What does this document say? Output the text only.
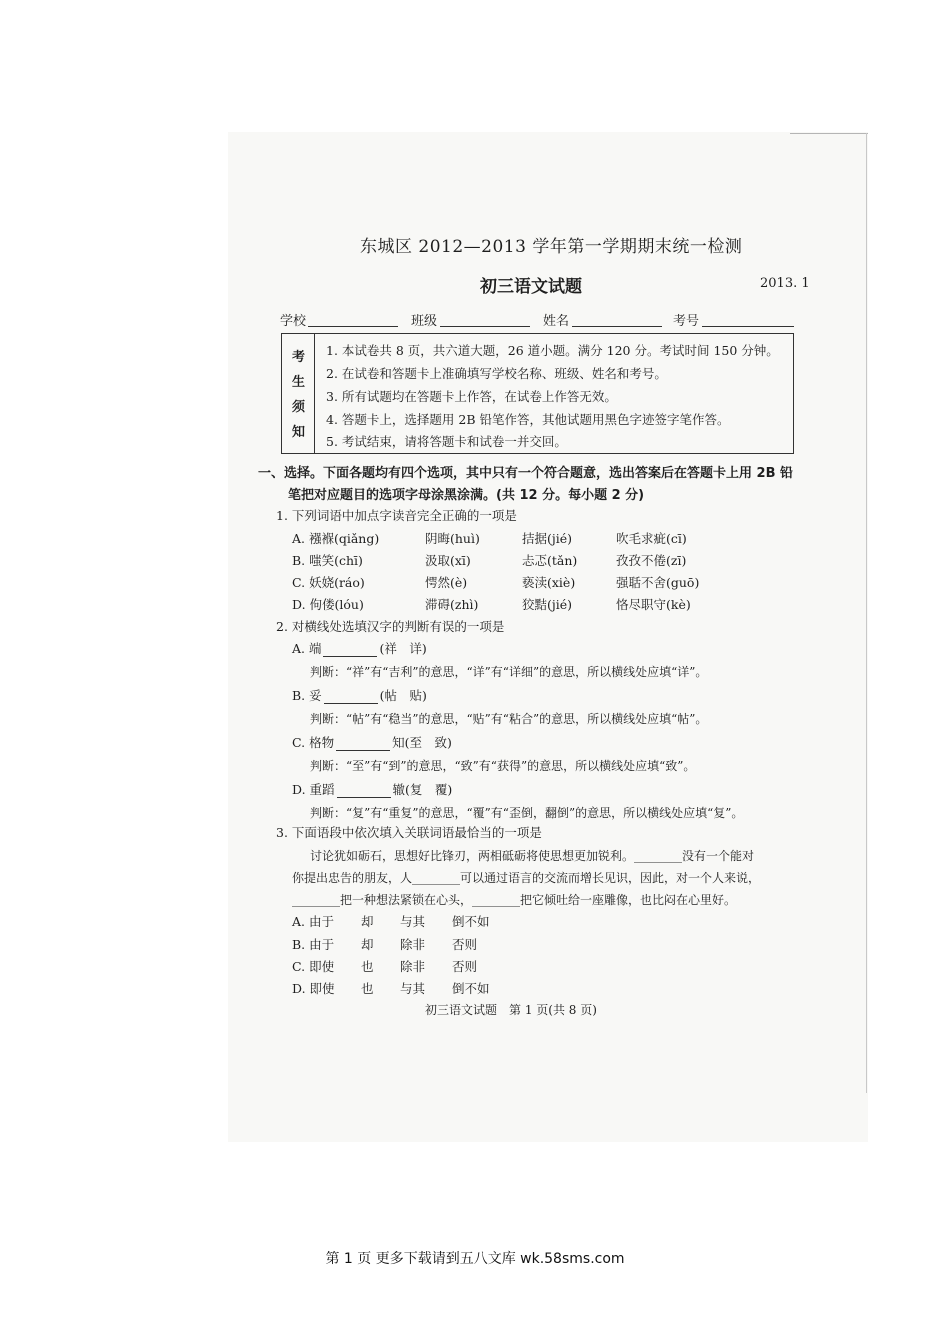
东城区 2012—2013 学年第一学期期末统一检测
初三语文试题	2013. 1
学校	班级	姓名	考号
考
生
须
知
1. 本试卷共 8 页，共六道大题，26 道小题。满分 120 分。考试时间 150 分钟。
2. 在试卷和答题卡上准确填写学校名称、班级、姓名和考号。
3. 所有试题均在答题卡上作答，在试卷上作答无效。
4. 答题卡上，选择题用 2B 铅笔作答，其他试题用黑色字迹签字笔作答。
5. 考试结束，请将答题卡和试卷一并交回。
一、选择。下面各题均有四个选项，其中只有一个符合题意，选出答案后在答题卡上用 2B 铅
笔把对应题目的选项字母涂黑涂满。(共 12 分。每小题 2 分)
1. 下列词语中加点字读音完全正确的一项是
A. 襁褓(qiǎng)	阴晦(huì)	拮据(jié)	吹毛求疵(cī)
B. 嗤笑(chī)	汲取(xī)	忐忑(tǎn)	孜孜不倦(zī)
C. 妖娆(ráo)	愕然(è)	亵渎(xiè)	强聒不舍(guō)
D. 佝偻(lóu)	滞碍(zhì)	狡黠(jié)	恪尽职守(kè)
2. 对横线处选填汉字的判断有误的一项是
A. 端	(祥　详)
判断：“祥”有“吉利”的意思，“详”有“详细”的意思，所以横线处应填“详”。
B. 妥	(帖　贴)
判断：“帖”有“稳当”的意思，“贴”有“粘合”的意思，所以横线处应填“帖”。
C. 格物	知(至　致)
判断：“至”有“到”的意思，“致”有“获得”的意思，所以横线处应填“致”。
D. 重蹈	辙(复　覆)
判断：“复”有“重复”的意思，“覆”有“歪倒，翻倒”的意思，所以横线处应填“复”。
3. 下面语段中依次填入关联词语最恰当的一项是
讨论犹如砺石，思想好比锋刃，两相砥砺将使思想更加锐利。________没有一个能对
你提出忠告的朋友，人________可以通过语言的交流而增长见识，因此，对一个人来说，
________把一种想法紧锁在心头，________把它倾吐给一座雕像，也比闷在心里好。
A. 由于 却 与其 倒不如
B. 由于 却 除非 否则
C. 即使 也 除非 否则
D. 即使 也 与其 倒不如
初三语文试题　第 1 页(共 8 页)
第 1 页 更多下载请到五八文库 wk.58sms.com
